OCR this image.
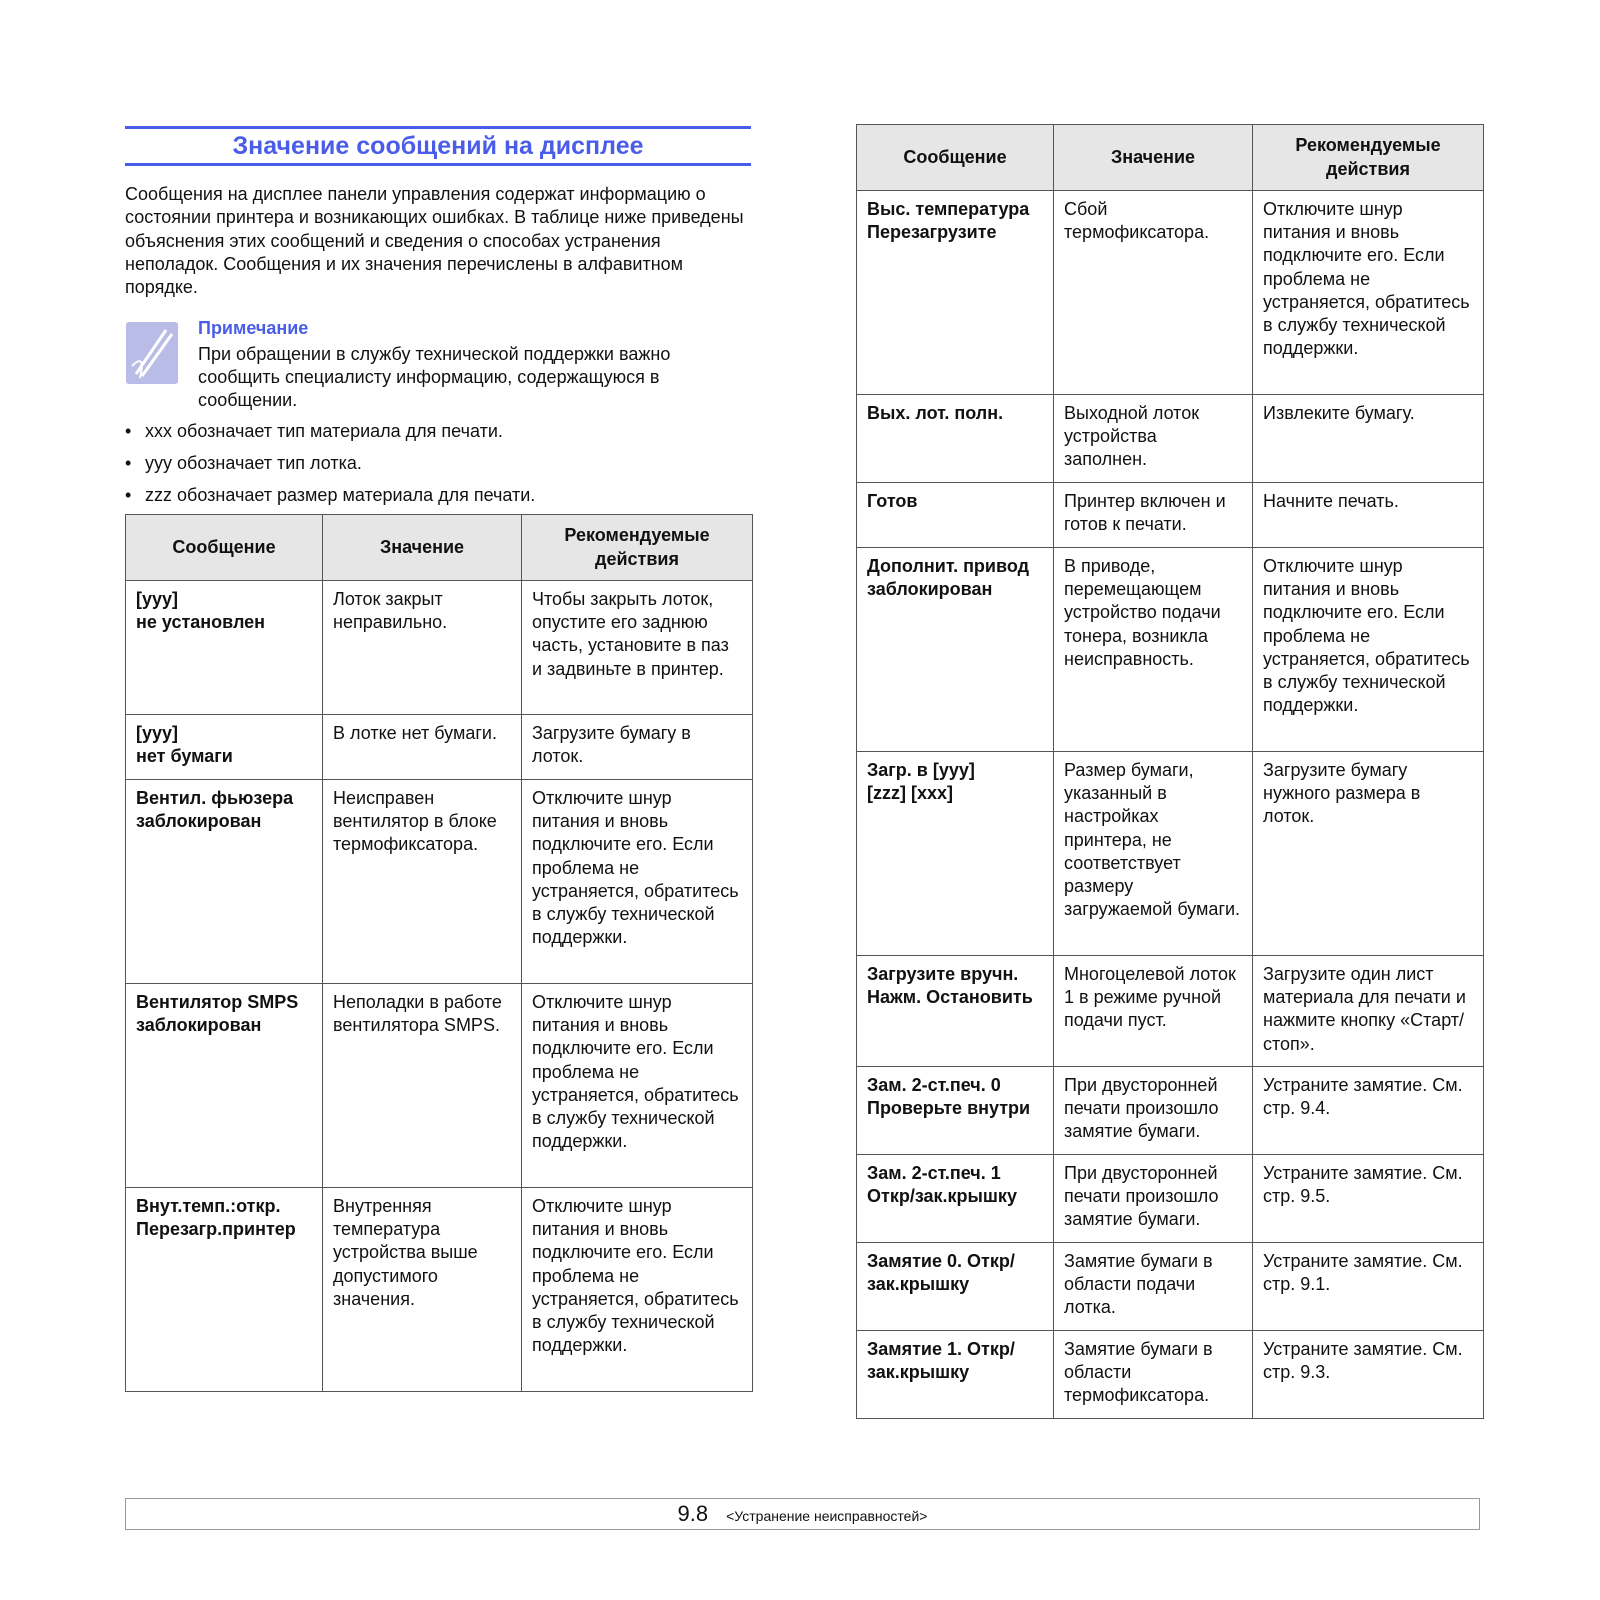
Значение сообщений на дисплее

Сообщения на дисплее панели управления содержат информацию о состоянии принтера и возникающих ошибках. В таблице ниже приведены объяснения этих сообщений и сведения о способах устранения неполадок. Сообщения и их значения перечислены в алфавитном порядке.

Примечание

При обращении в службу технической поддержки важно сообщить специалисту информацию, содержащуюся в сообщении.

• xxx обозначает тип материала для печати.
• yyy обозначает тип лотка.
• zzz обозначает размер материала для печати.
Сообщение	Значение	Рекомендуемые действия

[yyy]
не установлен	Лоток закрыт неправильно.	Чтобы закрыть лоток, опустите его заднюю часть, установите в паз и задвиньте в принтер.

[yyy]
нет бумаги	В лотке нет бумаги.	Загрузите бумагу в лоток.
Вентил. фьюзера заблокирован	Неисправен вентилятор в блоке термофиксатора.	Отключите шнур питания и вновь подключите его. Если проблема не устраняется, обратитесь в службу технической поддержки.
Вентилятор SMPS заблокирован	Неполадки в работе вентилятора SMPS.	Отключите шнур питания и вновь подключите его. Если проблема не устраняется, обратитесь в службу технической поддержки.
Внут.темп.:откр. Перезагр.принтер	Внутренняя температура устройства выше допустимого значения.	Отключите шнур питания и вновь подключите его. Если проблема не устраняется, обратитесь в службу технической поддержки.
Сообщение	Значение	Рекомендуемые действия
Выс. температура Перезагрузите	Сбой термофиксатора.	Отключите шнур питания и вновь подключите его. Если проблема не устраняется, обратитесь в службу технической поддержки.
Вых. лот. полн.	Выходной лоток устройства заполнен.	Извлеките бумагу.
Готов	Принтер включен и готов к печати.	Начните печать.
Дополнит. привод заблокирован	В приводе, перемещающем устройство подачи тонера, возникла неисправность.	Отключите шнур питания и вновь подключите его. Если проблема не устраняется, обратитесь в службу технической поддержки.

Загр. в [yyy]
[zzz] [xxx]	Размер бумаги, указанный в настройках принтера, не соответствует размеру загружаемой бумаги.	Загрузите бумагу нужного размера в лоток.
Загрузите вручн. Нажм. Остановить	Многоцелевой лоток 1 в режиме ручной подачи пуст.	Загрузите один лист материала для печати и нажмите кнопку «Старт/стоп».
Зам. 2-ст.печ. 0 Проверьте внутри	При двусторонней печати произошло замятие бумаги.	Устраните замятие. См. стр. 9.4.
Зам. 2-ст.печ. 1 Откр/зак.крышку	При двусторонней печати произошло замятие бумаги.	Устраните замятие. См. стр. 9.5.
Замятие 0. Откр/зак.крышку	Замятие бумаги в области подачи лотка.	Устраните замятие. См. стр. 9.1.
Замятие 1. Откр/зак.крышку	Замятие бумаги в области термофиксатора.	Устраните замятие. См. стр. 9.3.
9.8 <Устранение неисправностей>
